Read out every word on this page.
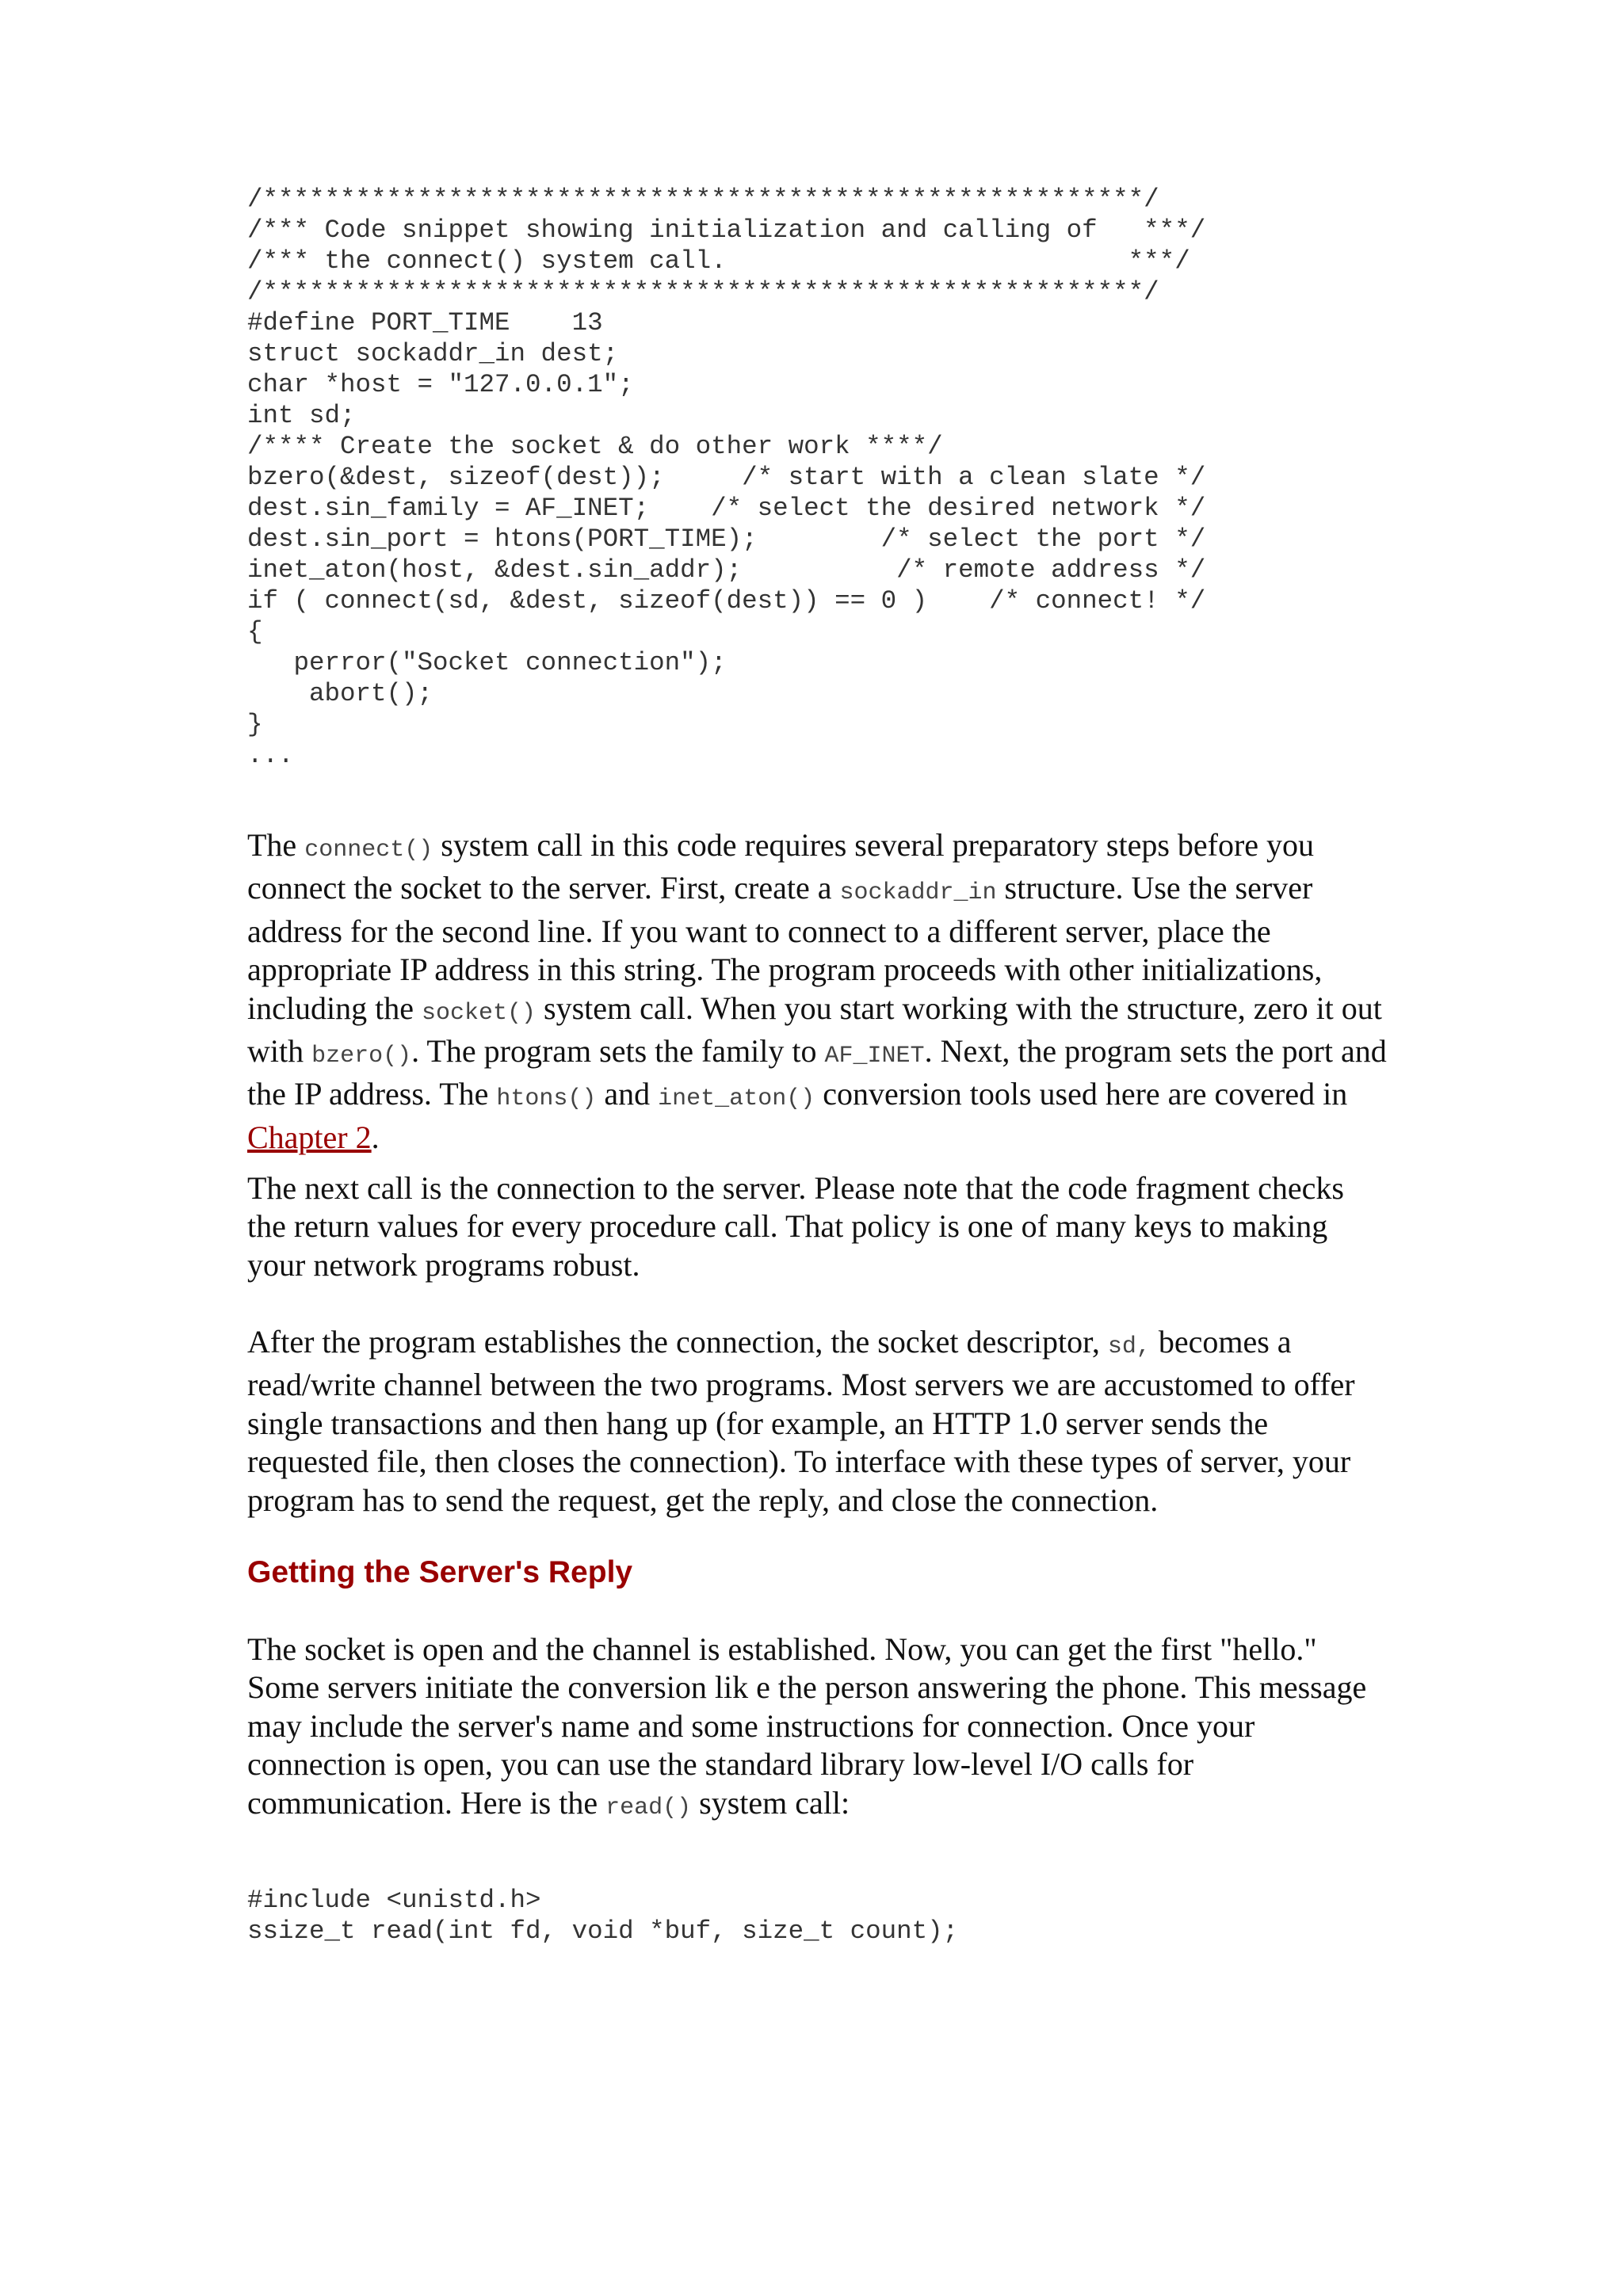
/*********************************************************/
/*** Code snippet showing initialization and calling of   ***/
/*** the connect() system call.                          ***/
/*********************************************************/
#define PORT_TIME    13
struct sockaddr_in dest;
char *host = "127.0.0.1";
int sd;
/**** Create the socket & do other work ****/
bzero(&dest, sizeof(dest));     /* start with a clean slate */
dest.sin_family = AF_INET;    /* select the desired network */
dest.sin_port = htons(PORT_TIME);        /* select the port */
inet_aton(host, &dest.sin_addr);          /* remote address */
if ( connect(sd, &dest, sizeof(dest)) == 0 )    /* connect! */
{
perror("Socket connection");
abort();
}
...

The connect() system call in this code requires several preparatory steps before you connect the socket to the server. First, create a sockaddr_in structure. Use the server address for the second line. If you want to connect to a different server, place the appropriate IP address in this string. The program proceeds with other initializations, including the socket() system call. When you start working with the structure, zero it out with bzero(). The program sets the family to AF_INET. Next, the program sets the port and the IP address. The htons() and inet_aton() conversion tools used here are covered in Chapter 2.

The next call is the connection to the server. Please note that the code fragment checks the return values for every procedure call. That policy is one of many keys to making your network programs robust.

After the program establishes the connection, the socket descriptor, sd, becomes a read/write channel between the two programs. Most servers we are accustomed to offer single transactions and then hang up (for example, an HTTP 1.0 server sends the requested file, then closes the connection). To interface with these types of server, your program has to send the request, get the reply, and close the connection.

Getting the Server's Reply

The socket is open and the channel is established. Now, you can get the first "hello." Some servers initiate the conversion lik e the person answering the phone. This message may include the server's name and some instructions for connection. Once your connection is open, you can use the standard library low-level I/O calls for communication. Here is the read() system call:

#include <unistd.h>
ssize_t read(int fd, void *buf, size_t count);
